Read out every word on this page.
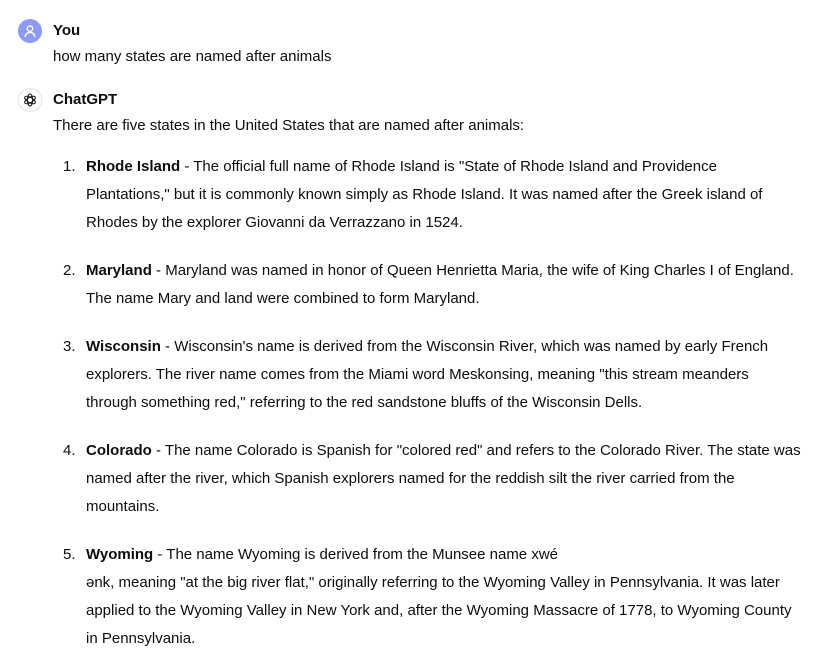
You
how many states are named after animals
ChatGPT

There are five states in the United States that are named after animals:

1. Rhode Island - The official full name of Rhode Island is "State of Rhode Island and Providence Plantations," but it is commonly known simply as Rhode Island. It was named after the Greek island of Rhodes by the explorer Giovanni da Verrazzano in 1524.
2. Maryland - Maryland was named in honor of Queen Henrietta Maria, the wife of King Charles I of England. The name Mary and land were combined to form Maryland.
3. Wisconsin - Wisconsin's name is derived from the Wisconsin River, which was named by early French explorers. The river name comes from the Miami word Meskonsing, meaning "this stream meanders through something red," referring to the red sandstone bluffs of the Wisconsin Dells.
4. Colorado - The name Colorado is Spanish for "colored red" and refers to the Colorado River. The state was named after the river, which Spanish explorers named for the reddish silt the river carried from the mountains.
5. Wyoming - The name Wyoming is derived from the Munsee name xwé
ənk, meaning "at the big river flat," originally referring to the Wyoming Valley in Pennsylvania. It was later applied to the Wyoming Valley in New York and, after the Wyoming Massacre of 1778, to Wyoming County in Pennsylvania.
